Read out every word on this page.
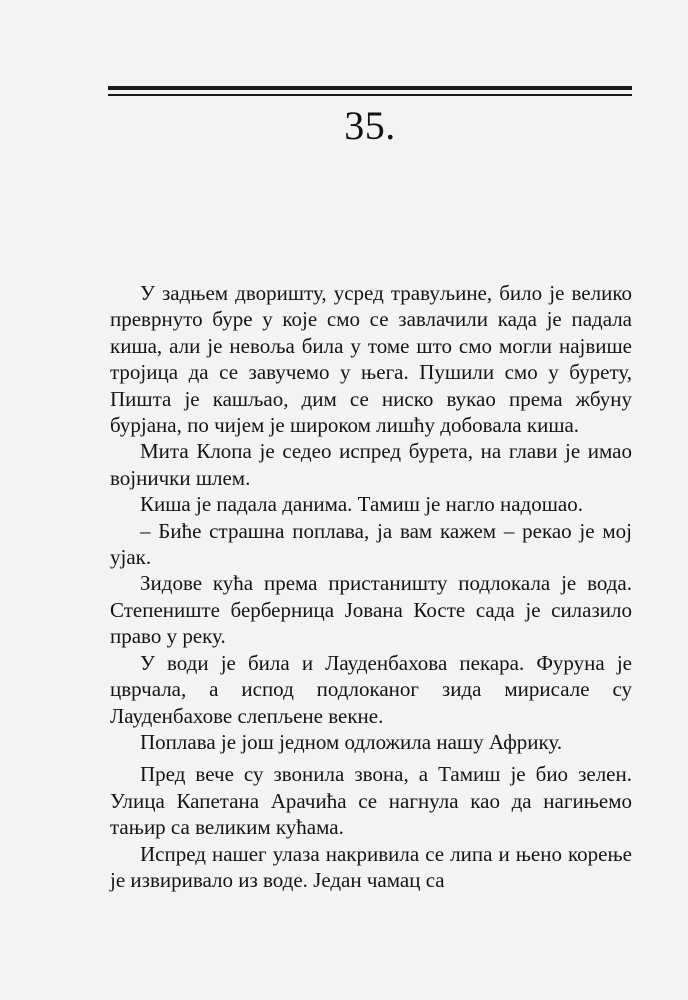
35.

У задњем дворишту, усред травуљине, било је велико преврнуто буре у које смо се завлачили када је падала киша, али је невоља била у томе што смо могли највише тројица да се завучемо у њега. Пушили смо у бурету, Пишта је кашљао, дим се ниско вукао према жбуну бурјана, по чијем је широком лишћу добовала киша.

Мита Клопа је седео испред бурета, на глави је имао војнички шлем.

Киша је падала данима. Тамиш је нагло надошао.

– Биће страшна поплава, ја вам кажем – рекао је мој ујак.

Зидове кућа према пристаништу подлокала је вода. Степениште берберница Јована Косте сада је силазило право у реку.

У води је била и Лауденбахова пекара. Фуруна је цврчала, а испод подлоканог зида мирисале су Лауденбахове слепљене векне.

Поплава је још једном одложила нашу Африку.

Пред вече су звонила звона, а Тамиш је био зелен. Улица Капетана Арачића се нагнула као да нагињемо тањир са великим кућама.

Испред нашег улаза накривила се липа и њено корење је извиривало из воде. Један чамац са
